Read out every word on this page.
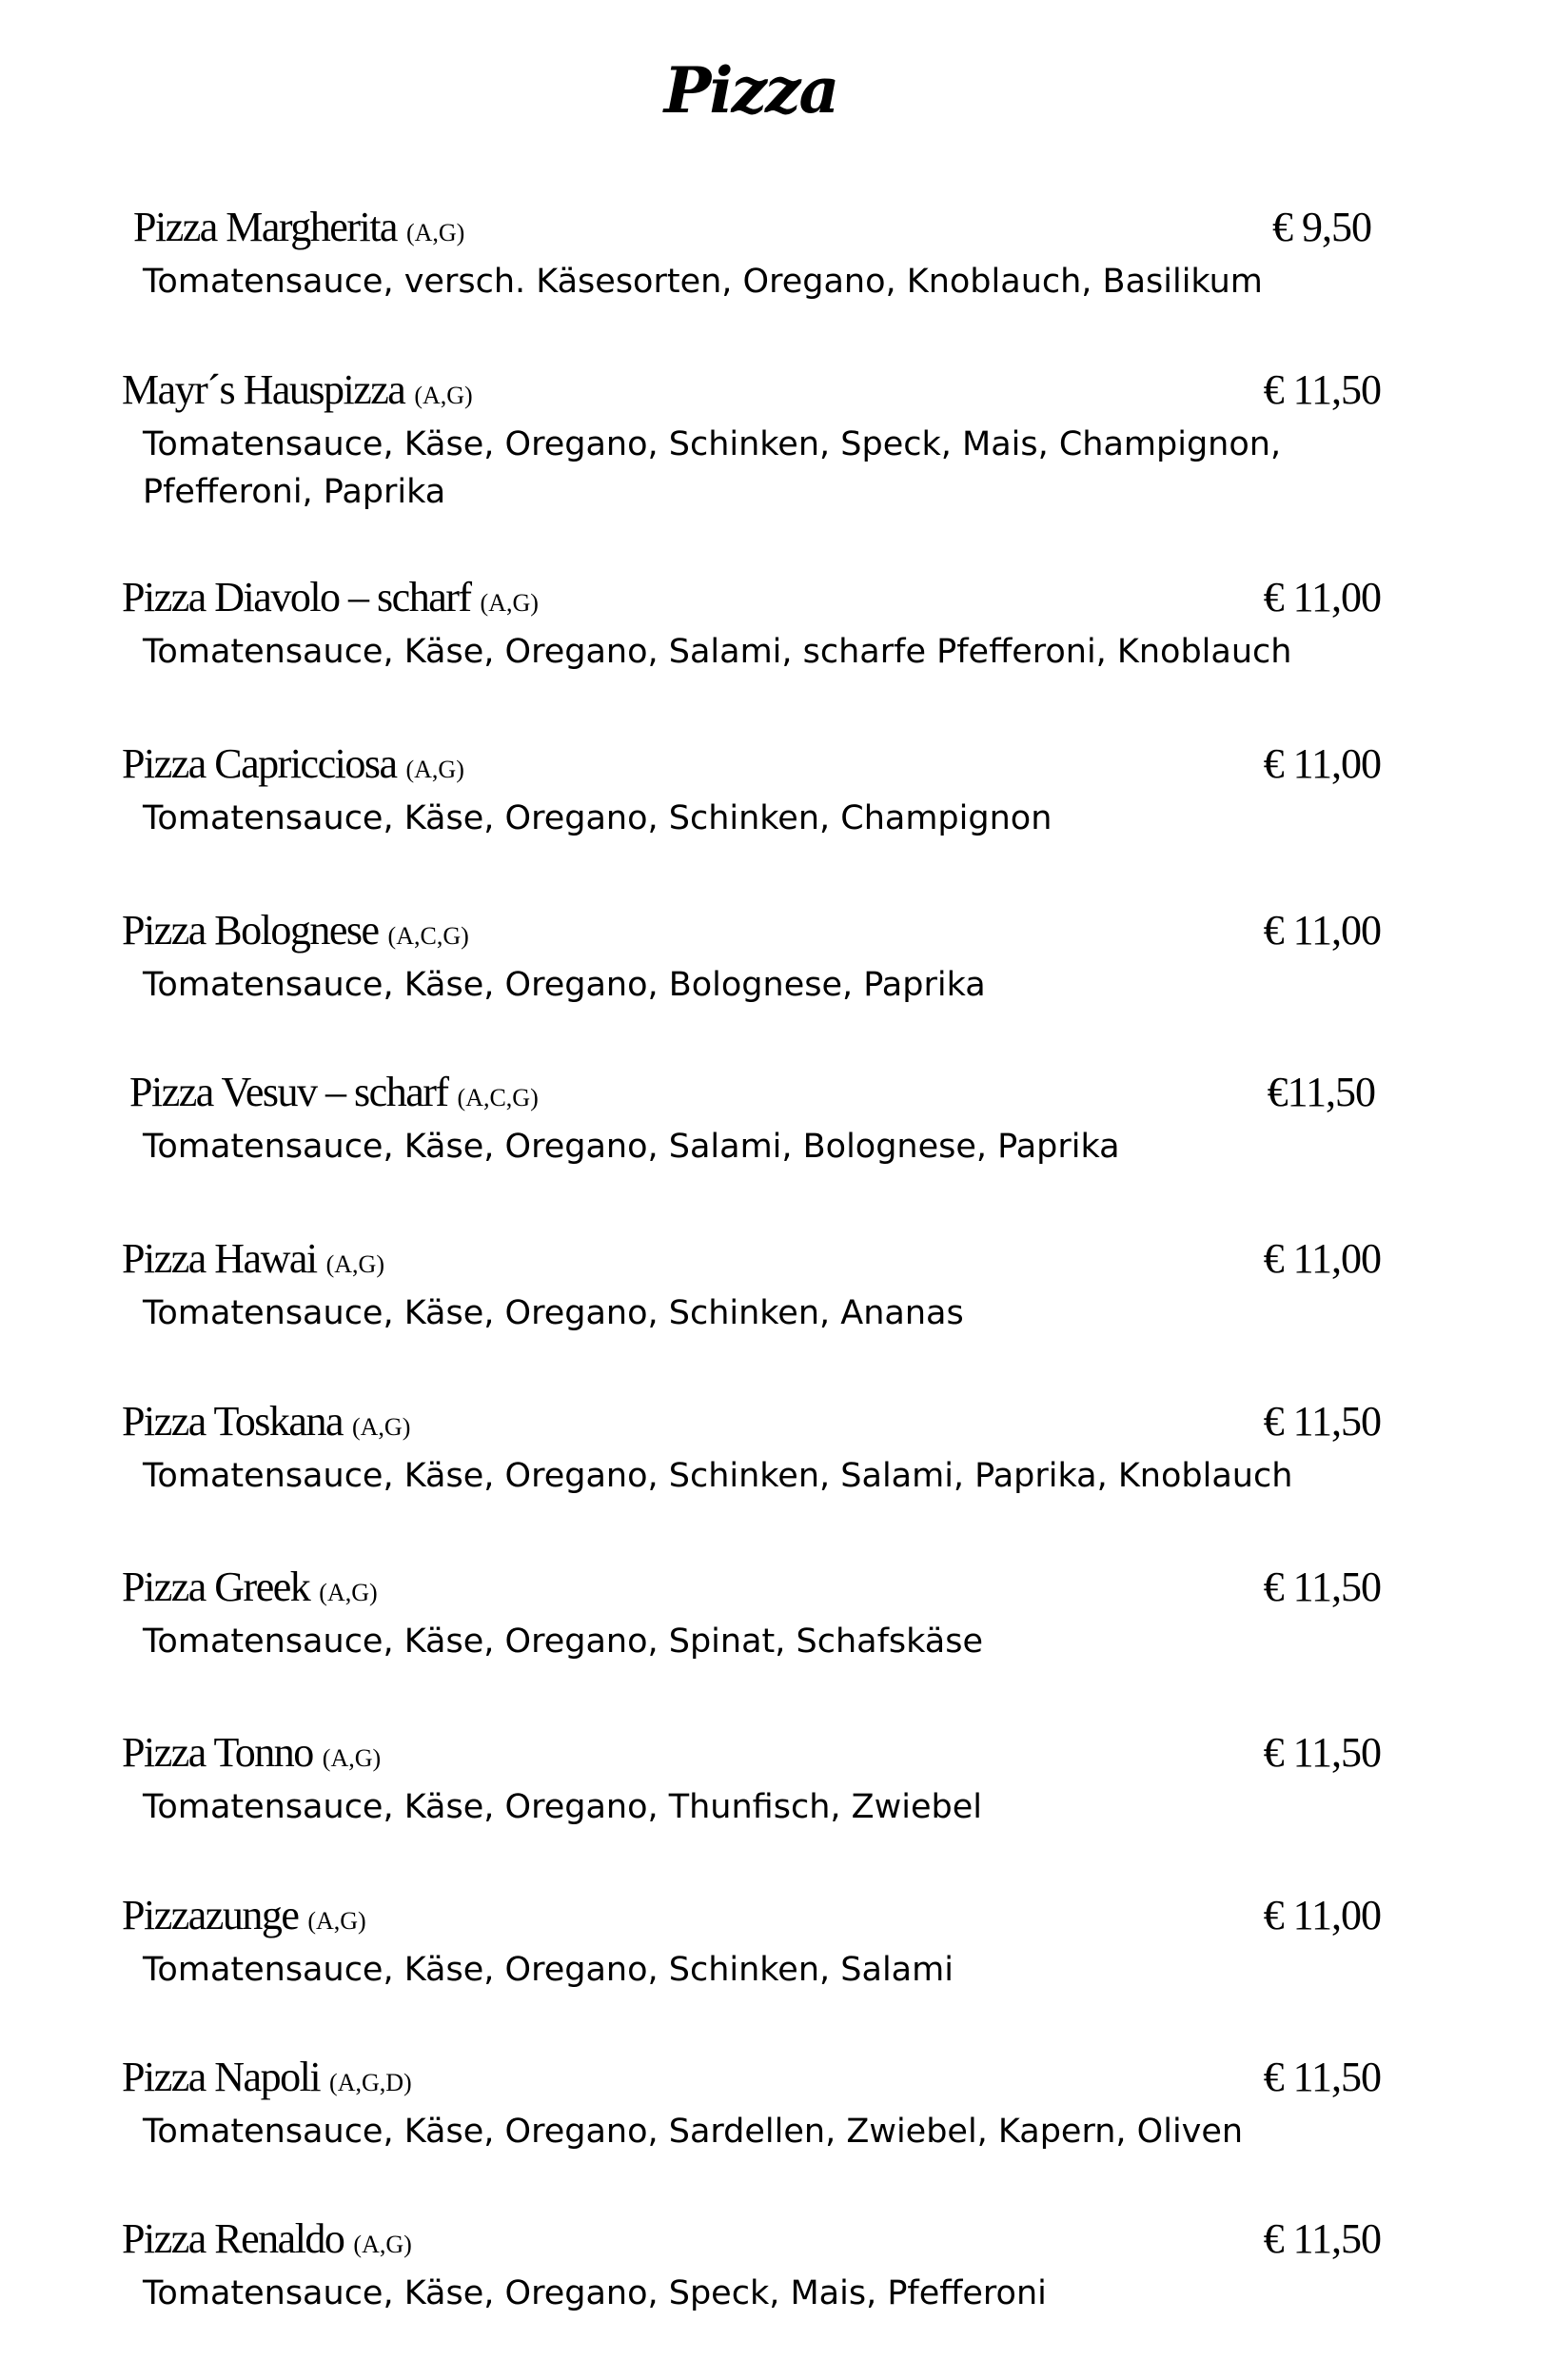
Pizza
Pizza Margherita (A,G)	€ 9,50
Tomatensauce, versch. Käsesorten, Oregano, Knoblauch, Basilikum
Mayr´s Hauspizza (A,G)	€ 11,50
Tomatensauce, Käse, Oregano, Schinken, Speck, Mais, Champignon, Pfefferoni, Paprika
Pizza Diavolo – scharf (A,G)	€ 11,00
Tomatensauce, Käse, Oregano, Salami, scharfe Pfefferoni, Knoblauch
Pizza Capricciosa (A,G)	€ 11,00
Tomatensauce, Käse, Oregano, Schinken, Champignon
Pizza Bolognese (A,C,G)	€ 11,00
Tomatensauce, Käse, Oregano, Bolognese, Paprika
Pizza Vesuv – scharf (A,C,G)	€11,50
Tomatensauce, Käse, Oregano, Salami, Bolognese, Paprika
Pizza Hawai (A,G)	€ 11,00
Tomatensauce, Käse, Oregano, Schinken, Ananas
Pizza Toskana (A,G)	€ 11,50
Tomatensauce, Käse, Oregano, Schinken, Salami, Paprika, Knoblauch
Pizza Greek (A,G)	€ 11,50
Tomatensauce, Käse, Oregano, Spinat, Schafskäse
Pizza Tonno (A,G)	€ 11,50
Tomatensauce, Käse, Oregano, Thunfisch, Zwiebel
Pizzazunge (A,G)	€ 11,00
Tomatensauce, Käse, Oregano, Schinken, Salami
Pizza Napoli (A,G,D)	€ 11,50
Tomatensauce, Käse, Oregano, Sardellen, Zwiebel, Kapern, Oliven
Pizza Renaldo (A,G)	€ 11,50
Tomatensauce, Käse, Oregano, Speck, Mais, Pfefferoni
